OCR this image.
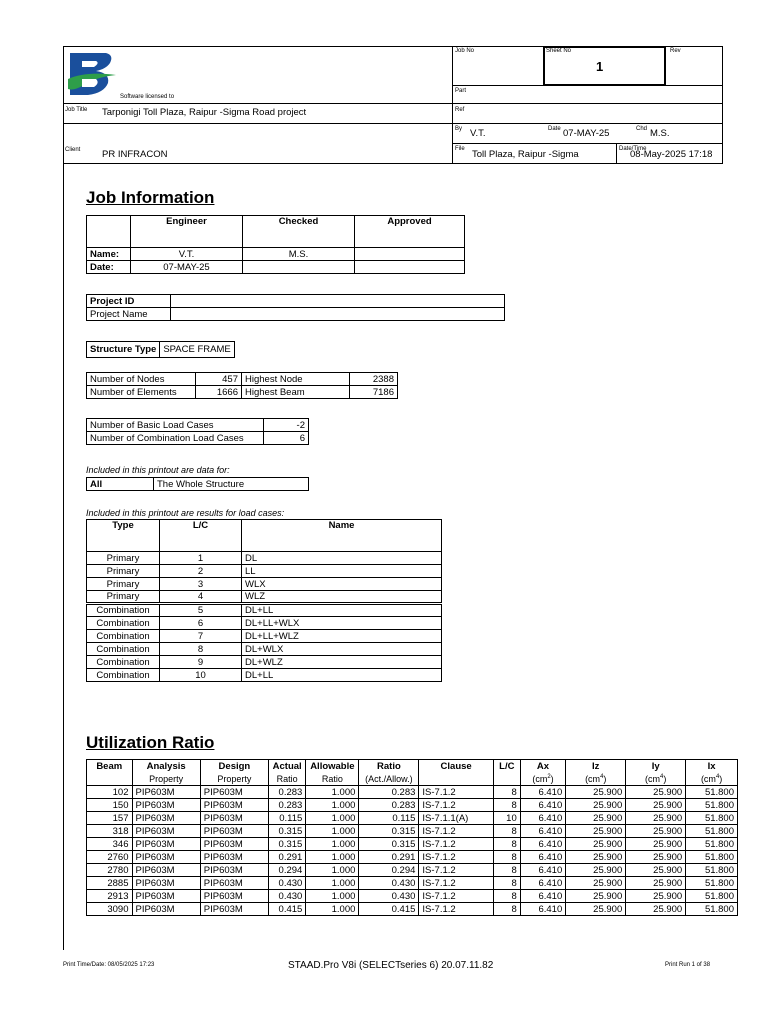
Software licensed to
Job No	Sheet No
1
Rev
Part
Job Title Tarponigi Toll Plaza, Raipur -Sigma Road project	Ref
By V.T.	Date 07-MAY-25	Chd M.S.
Client PR INFRACON	File Toll Plaza, Raipur -Sigma	Date/Time
08-May-2025 17:18
Job Information
	Engineer	Checked	Approved
Name:	V.T.	M.S.	
Date:	07-MAY-25		
Project ID	
Project Name	
Structure Type	SPACE FRAME
Number of Nodes	457	Highest Node	2388
Number of Elements	1666	Highest Beam	7186
Number of Basic Load Cases	-2
Number of Combination Load Cases	6
Included in this printout are data for:
All	The Whole Structure
Included in this printout are results for load cases:
Type	L/C	Name
Primary	1	DL
Primary	2	LL
Primary	3	WLX
Primary	4	WLZ
Combination	5	DL+LL
Combination	6	DL+LL+WLX
Combination	7	DL+LL+WLZ
Combination	8	DL+WLX
Combination	9	DL+WLZ
Combination	10	DL+LL
Utilization Ratio
Beam	Analysis	Design	Actual	Allowable	Ratio	Clause	L/C	Ax	Iz	Iy	Ix
	Property	Property	Ratio	Ratio	(Act./Allow.)			$(cm^2)$	$(cm^4)$	$(cm^4)$	$(cm^4)$
102	PIP603M	PIP603M	0.283	1.000	0.283	IS-7.1.2	8	6.410	25.900	25.900	51.800
150	PIP603M	PIP603M	0.283	1.000	0.283	IS-7.1.2	8	6.410	25.900	25.900	51.800
157	PIP603M	PIP603M	0.115	1.000	0.115	IS-7.1.1(A)	10	6.410	25.900	25.900	51.800
318	PIP603M	PIP603M	0.315	1.000	0.315	IS-7.1.2	8	6.410	25.900	25.900	51.800
346	PIP603M	PIP603M	0.315	1.000	0.315	IS-7.1.2	8	6.410	25.900	25.900	51.800
2760	PIP603M	PIP603M	0.291	1.000	0.291	IS-7.1.2	8	6.410	25.900	25.900	51.800
2780	PIP603M	PIP603M	0.294	1.000	0.294	IS-7.1.2	8	6.410	25.900	25.900	51.800
2885	PIP603M	PIP603M	0.430	1.000	0.430	IS-7.1.2	8	6.410	25.900	25.900	51.800
2913	PIP603M	PIP603M	0.430	1.000	0.430	IS-7.1.2	8	6.410	25.900	25.900	51.800
3090	PIP603M	PIP603M	0.415	1.000	0.415	IS-7.1.2	8	6.410	25.900	25.900	51.800
Print Time/Date: 08/05/2025 17:23	STAAD.Pro V8i (SELECTseries 6) 20.07.11.82	Print Run 1 of 38
